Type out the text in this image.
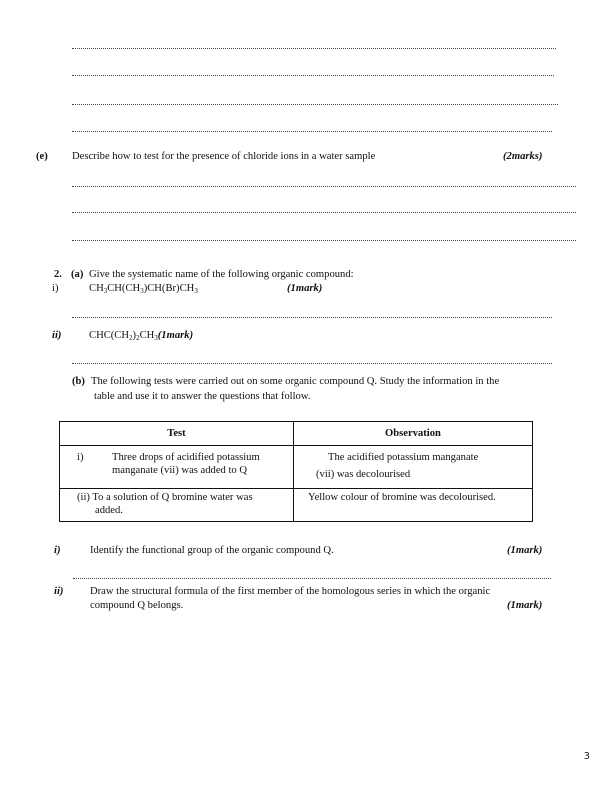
(e) Describe how to test for the presence of chloride ions in a water sample	(2marks)
2. (a) Give the systematic name of the following organic compound:
i)	$CH_3CH(CH_3)CH(Br)CH_3$	(1mark)
ii)	$CHC(CH_2)_2CH_3(1mark)$
(b) The following tests were carried out on some organic compound Q. Study the information in the
table and use it to answer the questions that follow.
Test	Observation

i) Three drops of acidified potassium
manganate (vii) was added to Q	The acidified potassium manganate
(vii) was decolourised

(ii) To a solution of Q bromine water was
added.	Yellow colour of bromine was decolourised.
i)	Identify the functional group of the organic compound Q.	(1mark)
ii)	Draw the structural formula of the first member of the homologous series in which the organic
compound Q belongs.	(1mark)
3
